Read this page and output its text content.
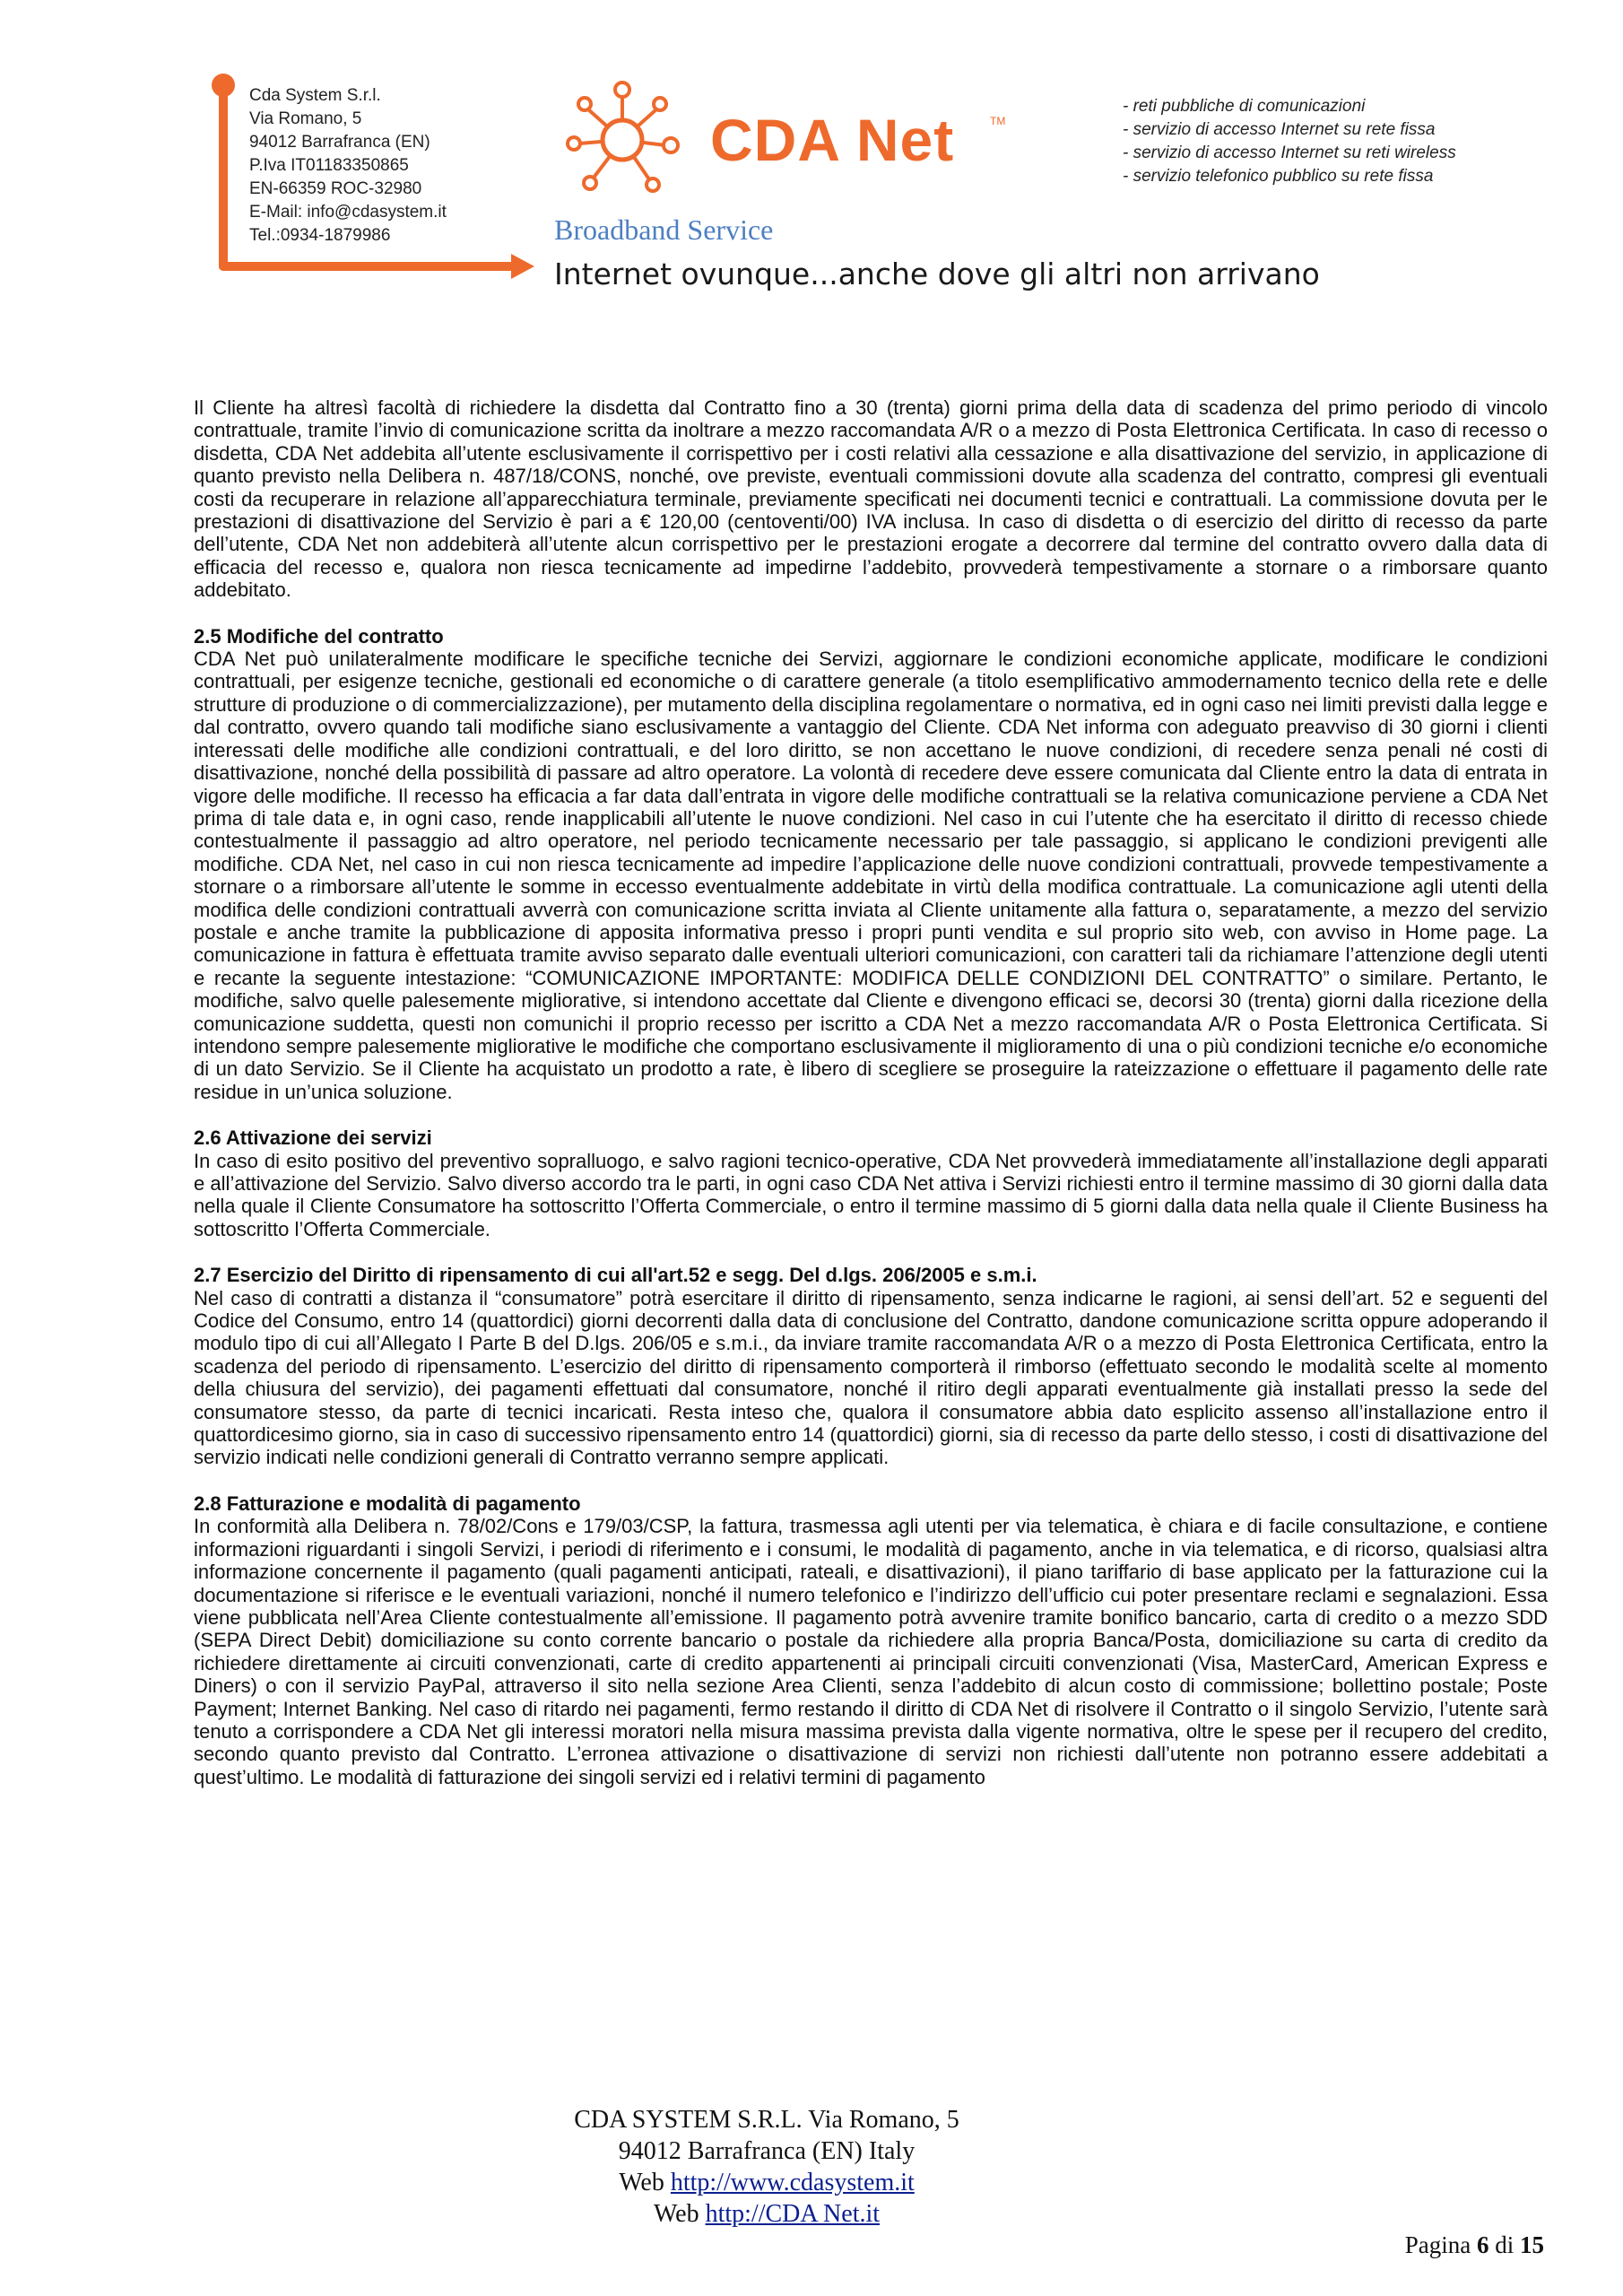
Cda System S.r.l.
Via Romano, 5
94012 Barrafranca (EN)
P.Iva IT01183350865
EN-66359 ROC-32980
E-Mail: info@cdasystem.it
Tel.:0934-1879986
CDA Net	TM
Broadband Service
Internet ovunque...anche dove gli altri non arrivano
- reti pubbliche di comunicazioni
- servizio di accesso Internet su rete fissa
- servizio di accesso Internet su reti wireless
- servizio telefonico pubblico su rete fissa

Il Cliente ha altresì facoltà di richiedere la disdetta dal Contratto fino a 30 (trenta) giorni prima della data di scadenza del primo periodo di vincolo contrattuale, tramite l’invio di comunicazione scritta da inoltrare a mezzo raccomandata A/R o a mezzo di Posta Elettronica Certificata. In caso di recesso o disdetta, CDA Net addebita all’utente esclusivamente il corrispettivo per i costi relativi alla cessazione e alla disattivazione del servizio, in applicazione di quanto previsto nella Delibera n. 487/18/CONS, nonché, ove previste, eventuali commissioni dovute alla scadenza del contratto, compresi gli eventuali costi da recuperare in relazione all’apparecchiatura terminale, previamente specificati nei documenti tecnici e contrattuali. La commissione dovuta per le prestazioni di disattivazione del Servizio è pari a € 120,00 (centoventi/00) IVA inclusa. In caso di disdetta o di esercizio del diritto di recesso da parte dell’utente, CDA Net non addebiterà all’utente alcun corrispettivo per le prestazioni erogate a decorrere dal termine del contratto ovvero dalla data di efficacia del recesso e, qualora non riesca tecnicamente ad impedirne l’addebito, provvederà tempestivamente a stornare o a rimborsare quanto addebitato.

2.5 Modifiche del contratto

CDA Net può unilateralmente modificare le specifiche tecniche dei Servizi, aggiornare le condizioni economiche applicate, modificare le condizioni contrattuali, per esigenze tecniche, gestionali ed economiche o di carattere generale (a titolo esemplificativo ammodernamento tecnico della rete e delle strutture di produzione o di commercializzazione), per mutamento della disciplina regolamentare o normativa, ed in ogni caso nei limiti previsti dalla legge e dal contratto, ovvero quando tali modifiche siano esclusivamente a vantaggio del Cliente. CDA Net informa con adeguato preavviso di 30 giorni i clienti interessati delle modifiche alle condizioni contrattuali, e del loro diritto, se non accettano le nuove condizioni, di recedere senza penali né costi di disattivazione, nonché della possibilità di passare ad altro operatore. La volontà di recedere deve essere comunicata dal Cliente entro la data di entrata in vigore delle modifiche. Il recesso ha efficacia a far data dall’entrata in vigore delle modifiche contrattuali se la relativa comunicazione perviene a CDA Net prima di tale data e, in ogni caso, rende inapplicabili all’utente le nuove condizioni. Nel caso in cui l’utente che ha esercitato il diritto di recesso chiede contestualmente il passaggio ad altro operatore, nel periodo tecnicamente necessario per tale passaggio, si applicano le condizioni previgenti alle modifiche. CDA Net, nel caso in cui non riesca tecnicamente ad impedire l’applicazione delle nuove condizioni contrattuali, provvede tempestivamente a stornare o a rimborsare all’utente le somme in eccesso eventualmente addebitate in virtù della modifica contrattuale. La comunicazione agli utenti della modifica delle condizioni contrattuali avverrà con comunicazione scritta inviata al Cliente unitamente alla fattura o, separatamente, a mezzo del servizio postale e anche tramite la pubblicazione di apposita informativa presso i propri punti vendita e sul proprio sito web, con avviso in Home page. La comunicazione in fattura è effettuata tramite avviso separato dalle eventuali ulteriori comunicazioni, con caratteri tali da richiamare l’attenzione degli utenti e recante la seguente intestazione: “COMUNICAZIONE IMPORTANTE: MODIFICA DELLE CONDIZIONI DEL CONTRATTO” o similare. Pertanto, le modifiche, salvo quelle palesemente migliorative, si intendono accettate dal Cliente e divengono efficaci se, decorsi 30 (trenta) giorni dalla ricezione della comunicazione suddetta, questi non comunichi il proprio recesso per iscritto a CDA Net a mezzo raccomandata A/R o Posta Elettronica Certificata. Si intendono sempre palesemente migliorative le modifiche che comportano esclusivamente il miglioramento di una o più condizioni tecniche e/o economiche di un dato Servizio. Se il Cliente ha acquistato un prodotto a rate, è libero di scegliere se proseguire la rateizzazione o effettuare il pagamento delle rate residue in un’unica soluzione.

2.6 Attivazione dei servizi

In caso di esito positivo del preventivo sopralluogo, e salvo ragioni tecnico-operative, CDA Net provvederà immediatamente all’installazione degli apparati e all’attivazione del Servizio. Salvo diverso accordo tra le parti, in ogni caso CDA Net attiva i Servizi richiesti entro il termine massimo di 30 giorni dalla data nella quale il Cliente Consumatore ha sottoscritto l’Offerta Commerciale, o entro il termine massimo di 5 giorni dalla data nella quale il Cliente Business ha sottoscritto l’Offerta Commerciale.

2.7 Esercizio del Diritto di ripensamento di cui all'art.52 e segg. Del d.lgs. 206/2005 e s.m.i.

Nel caso di contratti a distanza il “consumatore” potrà esercitare il diritto di ripensamento, senza indicarne le ragioni, ai sensi dell’art. 52 e seguenti del Codice del Consumo, entro 14 (quattordici) giorni decorrenti dalla data di conclusione del Contratto, dandone comunicazione scritta oppure adoperando il modulo tipo di cui all’Allegato I Parte B del D.lgs. 206/05 e s.m.i., da inviare tramite raccomandata A/R o a mezzo di Posta Elettronica Certificata, entro la scadenza del periodo di ripensamento. L’esercizio del diritto di ripensamento comporterà il rimborso (effettuato secondo le modalità scelte al momento della chiusura del servizio), dei pagamenti effettuati dal consumatore, nonché il ritiro degli apparati eventualmente già installati presso la sede del consumatore stesso, da parte di tecnici incaricati. Resta inteso che, qualora il consumatore abbia dato esplicito assenso all’installazione entro il quattordicesimo giorno, sia in caso di successivo ripensamento entro 14 (quattordici) giorni, sia di recesso da parte dello stesso, i costi di disattivazione del servizio indicati nelle condizioni generali di Contratto verranno sempre applicati.

2.8 Fatturazione e modalità di pagamento

In conformità alla Delibera n. 78/02/Cons e 179/03/CSP, la fattura, trasmessa agli utenti per via telematica, è chiara e di facile consultazione, e contiene informazioni riguardanti i singoli Servizi, i periodi di riferimento e i consumi, le modalità di pagamento, anche in via telematica, e di ricorso, qualsiasi altra informazione concernente il pagamento (quali pagamenti anticipati, rateali, e disattivazioni), il piano tariffario di base applicato per la fatturazione cui la documentazione si riferisce e le eventuali variazioni, nonché il numero telefonico e l’indirizzo dell’ufficio cui poter presentare reclami e segnalazioni. Essa viene pubblicata nell’Area Cliente contestualmente all’emissione. Il pagamento potrà avvenire tramite bonifico bancario, carta di credito o a mezzo SDD (SEPA Direct Debit) domiciliazione su conto corrente bancario o postale da richiedere alla propria Banca/Posta, domiciliazione su carta di credito da richiedere direttamente ai circuiti convenzionati, carte di credito appartenenti ai principali circuiti convenzionati (Visa, MasterCard, American Express e Diners) o con il servizio PayPal, attraverso il sito nella sezione Area Clienti, senza l’addebito di alcun costo di commissione; bollettino postale; Poste Payment; Internet Banking. Nel caso di ritardo nei pagamenti, fermo restando il diritto di CDA Net di risolvere il Contratto o il singolo Servizio, l’utente sarà tenuto a corrispondere a CDA Net gli interessi moratori nella misura massima prevista dalla vigente normativa, oltre le spese per il recupero del credito, secondo quanto previsto dal Contratto. L’erronea attivazione o disattivazione di servizi non richiesti dall’utente non potranno essere addebitati a quest’ultimo. Le modalità di fatturazione dei singoli servizi ed i relativi termini di pagamento

CDA SYSTEM S.R.L. Via Romano, 5
94012 Barrafranca (EN) Italy
Web http://www.cdasystem.it
Web http://CDA Net.it
Pagina 6 di 15
